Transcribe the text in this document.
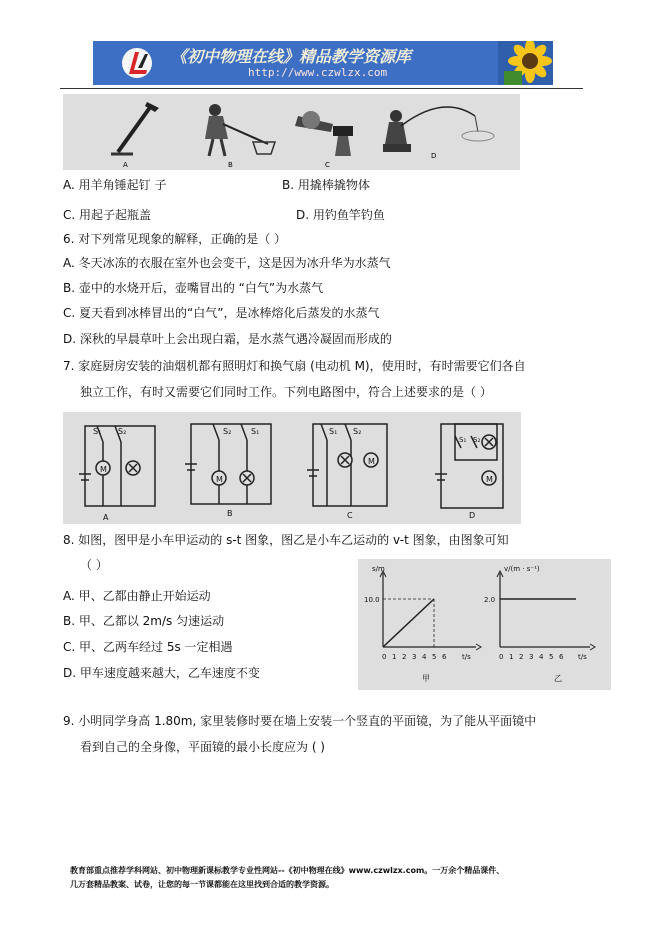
《初中物理在线》精品教学资源库
http://www.czwlzx.com
A	B	C
D
A. 用羊角锤起钉 子	B. 用撬棒撬物体
C. 用起子起瓶盖	D. 用钓鱼竿钓鱼
6. 对下列常见现象的解释，正确的是（ ）
A. 冬天冰冻的衣服在室外也会变干，这是因为冰升华为水蒸气
B. 壶中的水烧开后，壶嘴冒出的 “白气”为水蒸气
C. 夏天看到冰棒冒出的“白气”，是冰棒熔化后蒸发的水蒸气
D. 深秋的早晨草叶上会出现白霜，是水蒸气遇冷凝固而形成的
7. 家庭厨房安装的油烟机都有照明灯和换气扇 (电动机 M)，使用时，有时需要它们各自
独立工作，有时又需要它们同时工作。下列电路图中，符合上述要求的是（ ）
M
S₁ S₂
M
S₂ S₁
M
S₁ S₂
M
S₁ S₂
A	B	C	D
8. 如图，图甲是小车甲运动的 s-t 图象，图乙是小车乙运动的 v-t 图象，由图象可知
（ ）
A. 甲、乙都由静止开始运动
B. 甲、乙都以 2m/s 匀速运动
C. 甲、乙两车经过 5s 一定相遇
D. 甲车速度越来越大，乙车速度不变
s/m
10.0
t/s
0 1 2 3 4 5 6
甲
v/(m · s⁻¹)
2.0
t/s
0 1 2 3 4 5 6
乙
9. 小明同学身高 1.80m, 家里装修时要在墙上安装一个竖直的平面镜，为了能从平面镜中
看到自己的全身像，平面镜的最小长度应为 ( )
教育部重点推荐学科网站、初中物理新课标教学专业性网站--《初中物理在线》www.czwlzx.com。一万余个精品课件、
几万套精品教案、试卷，让您的每一节课都能在这里找到合适的教学资源。
